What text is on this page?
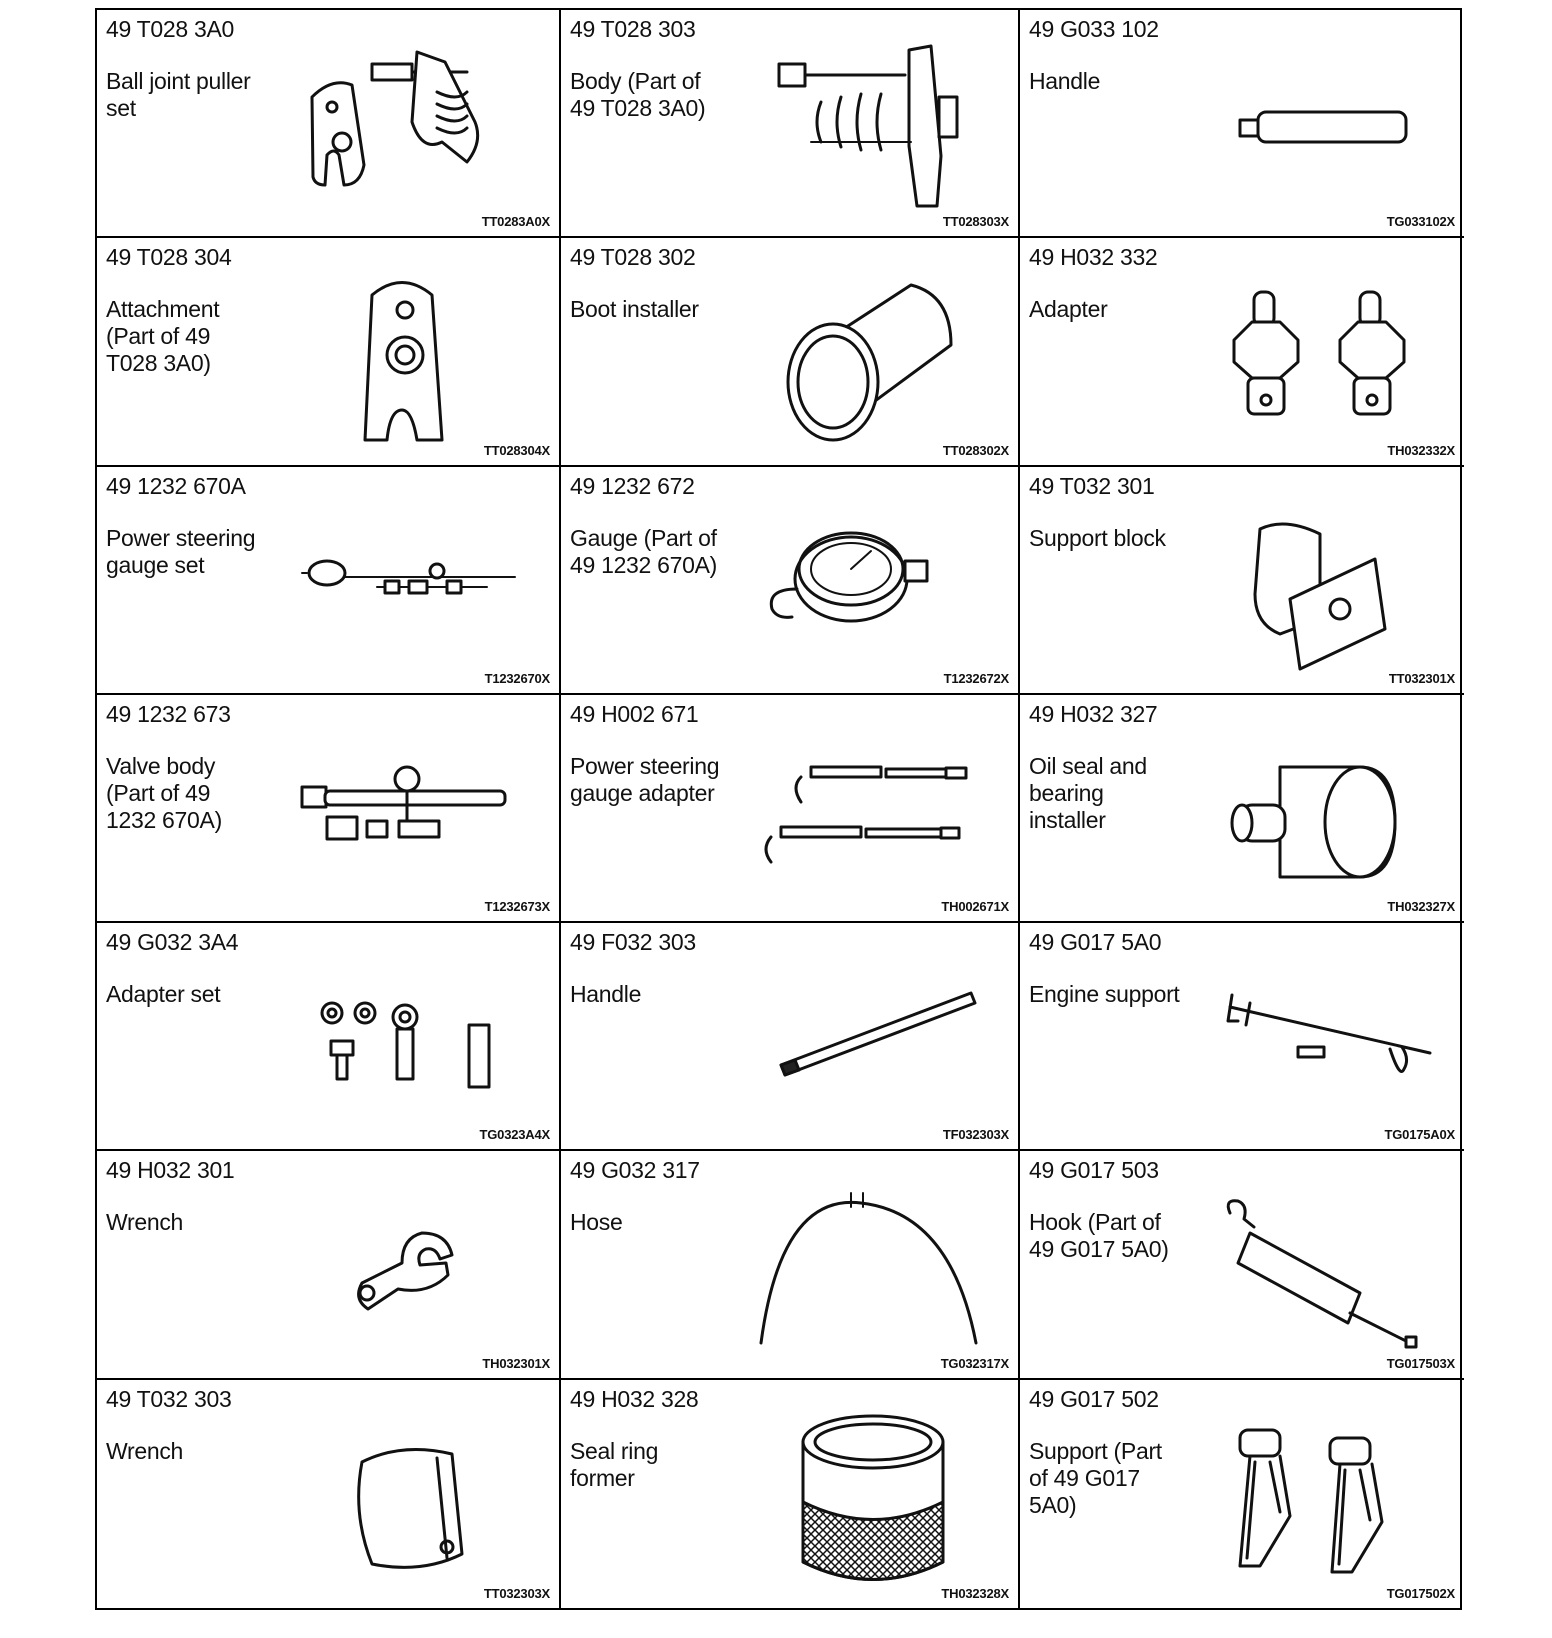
49 T028 3A0
Ball joint puller
set
TT0283A0X
49 T028 303
Body (Part of
49 T028 3A0)
TT028303X
49 G033 102
Handle
TG033102X
49 T028 304
Attachment
(Part of 49
T028 3A0)
TT028304X
49 T028 302
Boot installer
TT028302X
49 H032 332
Adapter
TH032332X
49 1232 670A
Power steering
gauge set
T1232670X
49 1232 672
Gauge (Part of
49 1232 670A)
T1232672X
49 T032 301
Support block
TT032301X
49 1232 673
Valve body
(Part of 49
1232 670A)
T1232673X
49 H002 671
Power steering
gauge adapter
TH002671X
49 H032 327
Oil seal and
bearing
installer
TH032327X
49 G032 3A4
Adapter set
TG0323A4X
49 F032 303
Handle
TF032303X
49 G017 5A0
Engine support
TG0175A0X
49 H032 301
Wrench
TH032301X
49 G032 317
Hose
TG032317X
49 G017 503
Hook (Part of
49 G017 5A0)
TG017503X
49 T032 303
Wrench
TT032303X
49 H032 328
Seal ring
former
TH032328X
49 G017 502
Support (Part
of 49 G017
5A0)
TG017502X
